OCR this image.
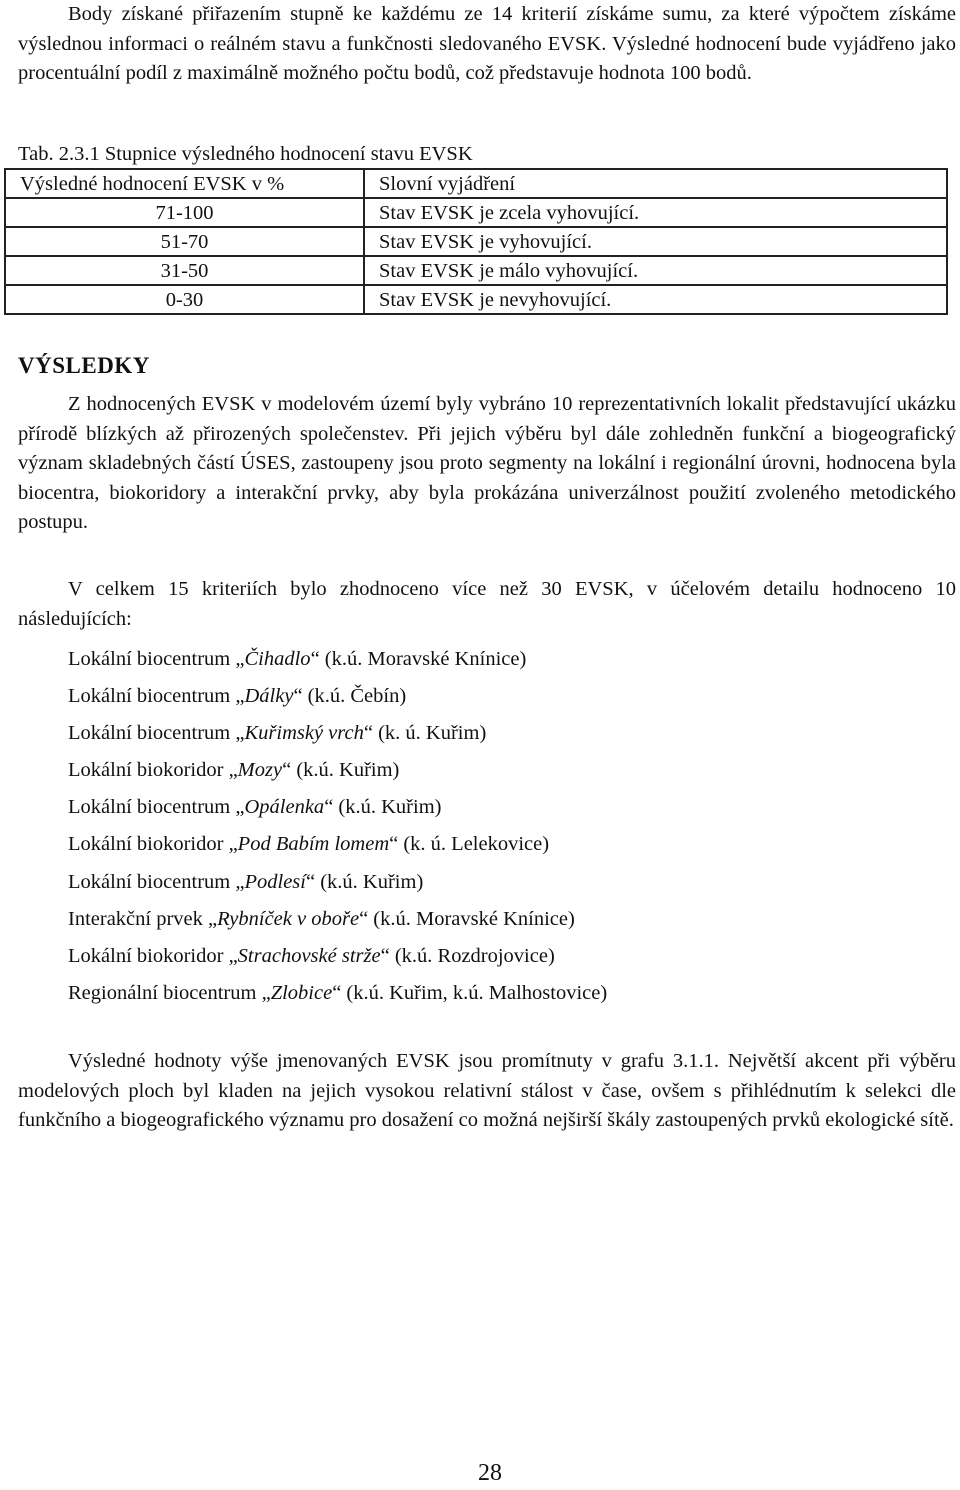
Body získané přiřazením stupně ke každému ze 14 kriterií získáme sumu, za které výpočtem získáme výslednou informaci o reálném stavu a funkčnosti sledovaného EVSK. Výsledné hodnocení bude vyjádřeno jako procentuální podíl z maximálně možného počtu bodů, což představuje hodnota 100 bodů.

Tab. 2.3.1 Stupnice výsledného hodnocení stavu EVSK
Výsledné hodnocení EVSK v %	Slovní vyjádření
71-100	Stav EVSK je zcela vyhovující.
51-70	Stav EVSK je vyhovující.
31-50	Stav EVSK je málo vyhovující.
0-30	Stav EVSK je nevyhovující.
VÝSLEDKY

Z hodnocených EVSK v modelovém území byly vybráno 10 reprezentativních lokalit představující ukázku přírodě blízkých až přirozených společenstev. Při jejich výběru byl dále zohledněn funkční a biogeografický význam skladebných částí ÚSES, zastoupeny jsou proto segmenty na lokální i regionální úrovni, hodnocena byla biocentra, biokoridory a interakční prvky, aby byla prokázána univerzálnost použití zvoleného metodického postupu.

V celkem 15 kriteriích bylo zhodnoceno více než 30 EVSK, v účelovém detailu hodnoceno 10 následujících:

Lokální biocentrum „Čihadlo“ (k.ú. Moravské Knínice)
Lokální biocentrum „Dálky“ (k.ú. Čebín)
Lokální biocentrum „Kuřimský vrch“ (k. ú. Kuřim)
Lokální biokoridor „Mozy“ (k.ú. Kuřim)
Lokální biocentrum „Opálenka“ (k.ú. Kuřim)
Lokální biokoridor „Pod Babím lomem“ (k. ú. Lelekovice)
Lokální biocentrum „Podlesí“ (k.ú. Kuřim)
Interakční prvek „Rybníček v oboře“ (k.ú. Moravské Knínice)
Lokální biokoridor „Strachovské strže“ (k.ú. Rozdrojovice)
Regionální biocentrum „Zlobice“ (k.ú. Kuřim, k.ú. Malhostovice)

Výsledné hodnoty výše jmenovaných EVSK jsou promítnuty v grafu 3.1.1. Největší akcent při výběru modelových ploch byl kladen na jejich vysokou relativní stálost v čase, ovšem s přihlédnutím k selekci dle funkčního a biogeografického významu pro dosažení co možná nejširší škály zastoupených prvků ekologické sítě.

28
